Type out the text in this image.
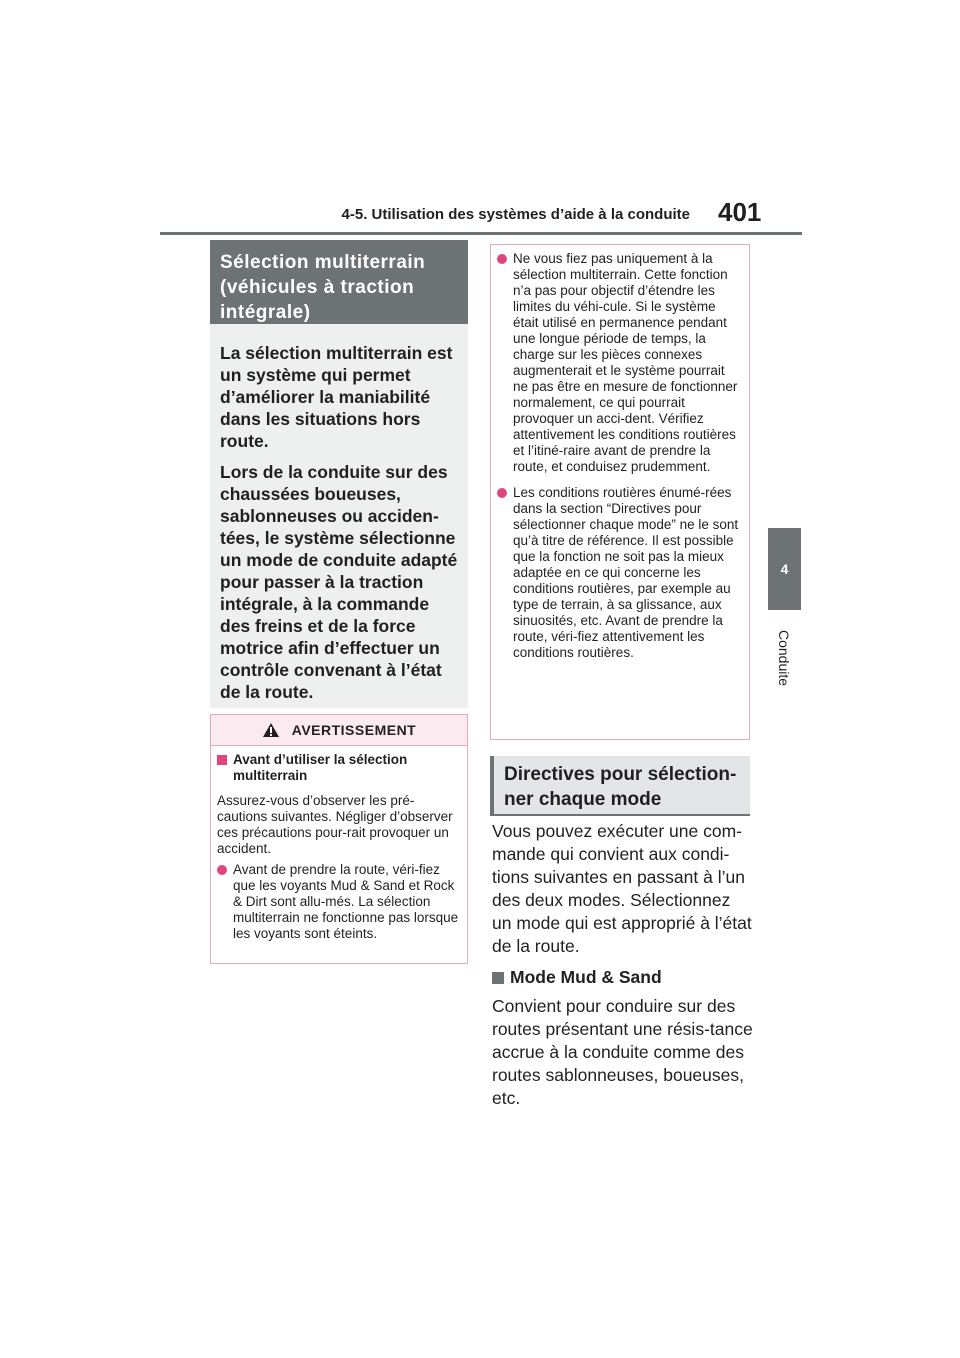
4-5. Utilisation des systèmes d’aide à la conduite 401
4
Conduite
Sélection multiterrain (véhicules à traction intégrale)

La sélection multiterrain est un système qui permet d’améliorer la maniabilité dans les situations hors route.

Lors de la conduite sur des chaussées boueuses, sablonneuses ou acciden-tées, le système sélectionne un mode de conduite adapté pour passer à la traction intégrale, à la commande des freins et de la force motrice afin d’effectuer un contrôle convenant à l’état de la route.

AVERTISSEMENT
Avant d’utiliser la sélection multiterrain

Assurez-vous d’observer les pré-cautions suivantes. Négliger d’observer ces précautions pour-rait provoquer un accident.

Avant de prendre la route, véri-fiez que les voyants Mud & Sand et Rock & Dirt sont allu-més. La sélection multiterrain ne fonctionne pas lorsque les voyants sont éteints.
Ne vous fiez pas uniquement à la sélection multiterrain. Cette fonction n’a pas pour objectif d’étendre les limites du véhi-cule. Si le système était utilisé en permanence pendant une longue période de temps, la charge sur les pièces connexes augmenterait et le système pourrait ne pas être en mesure de fonctionner normalement, ce qui pourrait provoquer un acci-dent. Vérifiez attentivement les conditions routières et l’itiné-raire avant de prendre la route, et conduisez prudemment.
Les conditions routières énumé-rées dans la section “Directives pour sélectionner chaque mode” ne le sont qu’à titre de référence. Il est possible que la fonction ne soit pas la mieux adaptée en ce qui concerne les conditions routières, par exemple au type de terrain, à sa glissance, aux sinuosités, etc. Avant de prendre la route, véri-fiez attentivement les conditions routières.
Directives pour sélection-ner chaque mode

Vous pouvez exécuter une com-mande qui convient aux condi-tions suivantes en passant à l’un des deux modes. Sélectionnez un mode qui est approprié à l’état de la route.

Mode Mud & Sand

Convient pour conduire sur des routes présentant une résis-tance accrue à la conduite comme des routes sablonneuses, boueuses, etc.
